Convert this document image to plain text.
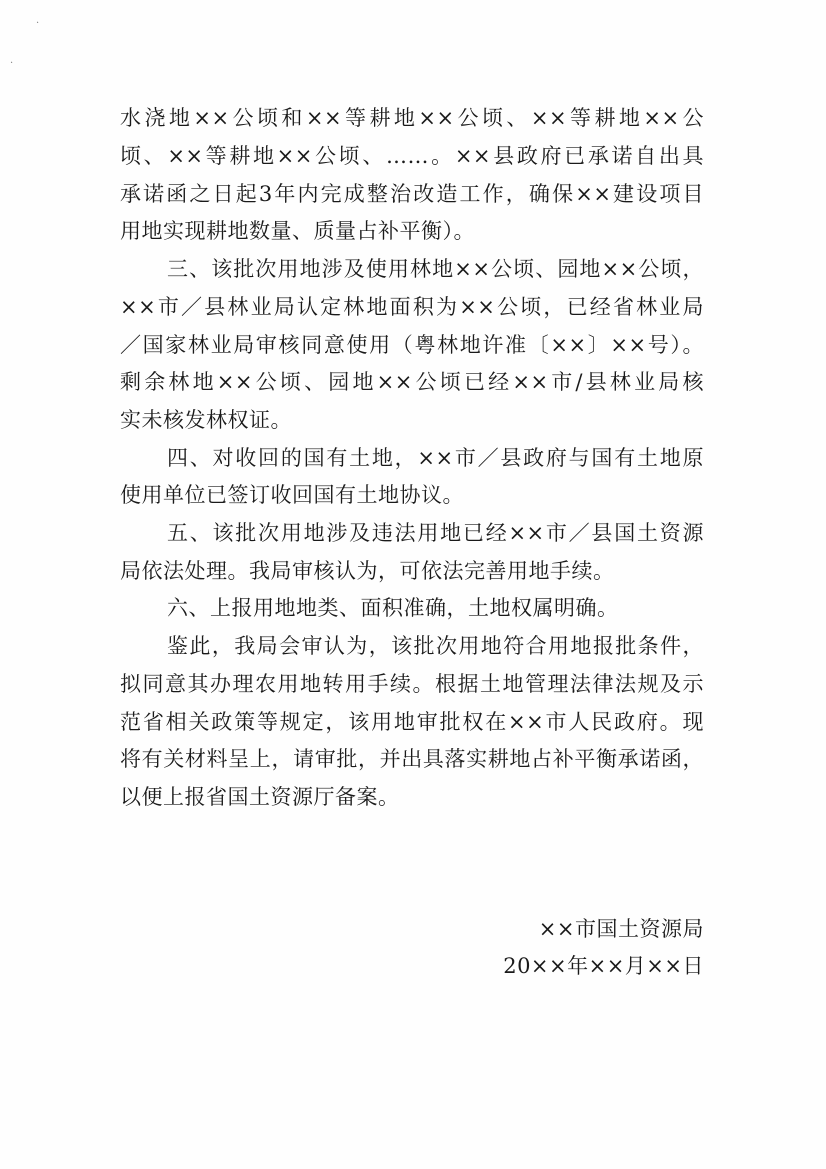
·
·
水浇地××公顷和××等耕地××公顷、××等耕地××公
顷、××等耕地××公顷、……。××县政府已承诺自出具
承诺函之日起3年内完成整治改造工作，确保××建设项目
用地实现耕地数量、质量占补平衡）。
三、该批次用地涉及使用林地××公顷、园地××公顷，
××市／县林业局认定林地面积为××公顷，已经省林业局
／国家林业局审核同意使用（粤林地许准〔××〕××号）。
剩余林地××公顷、园地××公顷已经××市/县林业局核
实未核发林权证。
四、对收回的国有土地，××市／县政府与国有土地原
使用单位已签订收回国有土地协议。
五、该批次用地涉及违法用地已经××市／县国土资源
局依法处理。我局审核认为，可依法完善用地手续。
六、上报用地地类、面积准确，土地权属明确。
鉴此，我局会审认为，该批次用地符合用地报批条件，
拟同意其办理农用地转用手续。根据土地管理法律法规及示
范省相关政策等规定，该用地审批权在××市人民政府。现
将有关材料呈上，请审批，并出具落实耕地占补平衡承诺函，
以便上报省国土资源厅备案。
××市国土资源局
20××年××月××日
